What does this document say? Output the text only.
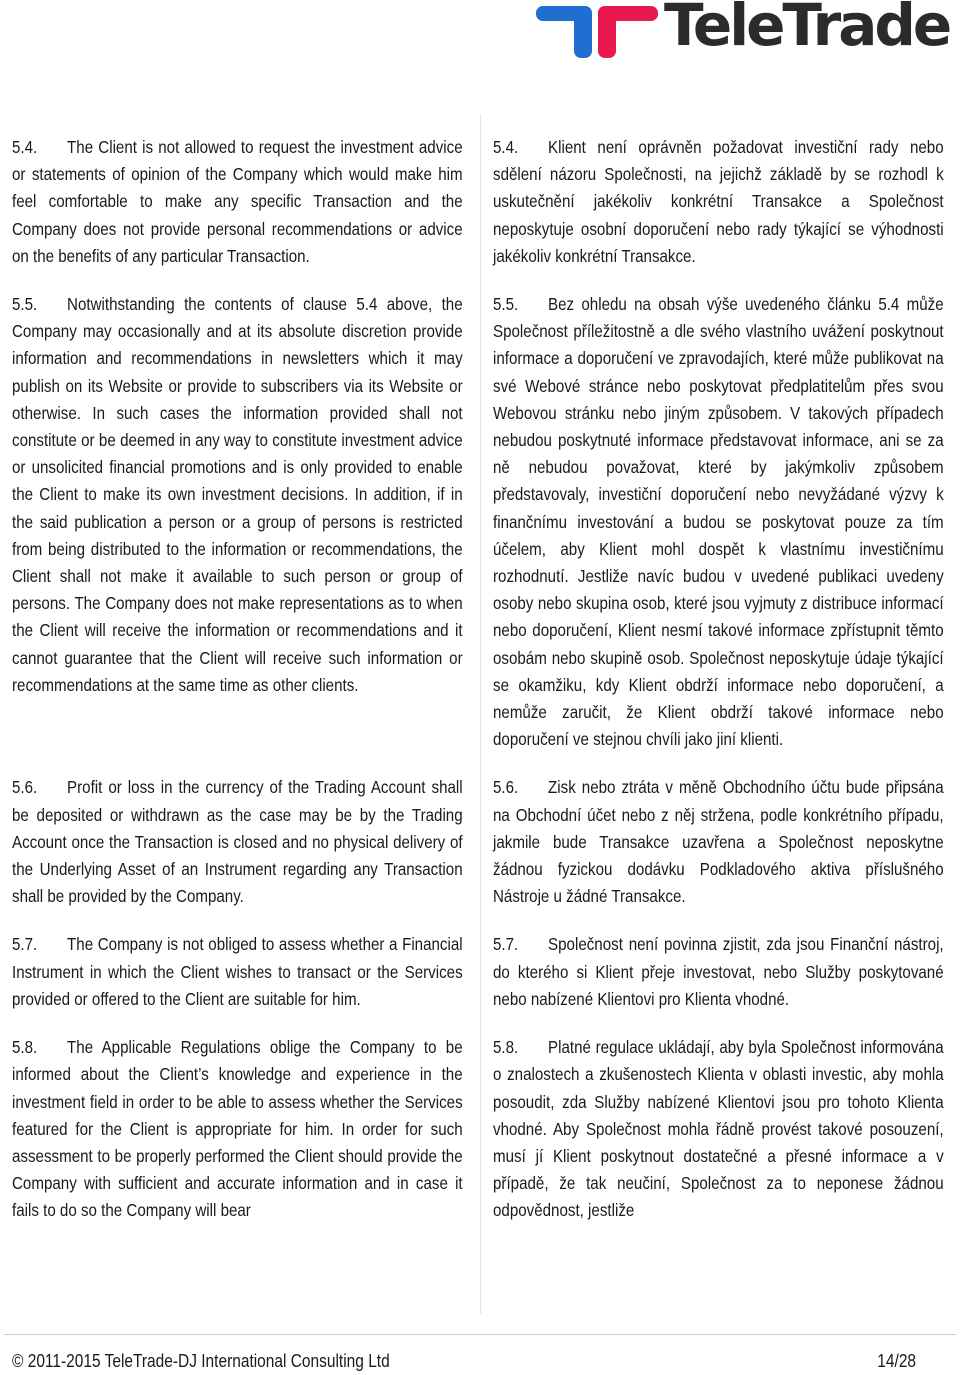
TeleTrade
5.4. The Client is not allowed to request the investment advice or statements of opinion of the Company which would make him feel comfortable to make any specific Transaction and the Company does not provide personal recommendations or advice on the benefits of any particular Transaction.
5.4. Klient není oprávněn požadovat investiční rady nebo sdělení názoru Společnosti, na jejichž základě by se rozhodl k uskutečnění jakékoliv konkrétní Transakce a Společnost neposkytuje osobní doporučení nebo rady týkající se výhodnosti jakékoliv konkrétní Transakce.
5.5. Notwithstanding the contents of clause 5.4 above, the Company may occasionally and at its absolute discretion provide information and recommendations in newsletters which it may publish on its Website or provide to subscribers via its Website or otherwise. In such cases the information provided shall not constitute or be deemed in any way to constitute investment advice or unsolicited financial promotions and is only provided to enable the Client to make its own investment decisions. In addition, if in the said publication a person or a group of persons is restricted from being distributed to the information or recommendations, the Client shall not make it available to such person or group of persons. The Company does not make representations as to when the Client will receive the information or recommendations and it cannot guarantee that the Client will receive such information or recommendations at the same time as other clients.
5.5. Bez ohledu na obsah výše uvedeného článku 5.4 může Společnost příležitostně a dle svého vlastního uvážení poskytnout informace a doporučení ve zpravodajích, které může publikovat na své Webové stránce nebo poskytovat předplatitelům přes svou Webovou stránku nebo jiným způsobem. V takových případech nebudou poskytnuté informace představovat informace, ani se za ně nebudou považovat, které by jakýmkoliv způsobem představovaly, investiční doporučení nebo nevyžádané výzvy k finančnímu investování a budou se poskytovat pouze za tím účelem, aby Klient mohl dospět k vlastnímu investičnímu rozhodnutí. Jestliže navíc budou v uvedené publikaci uvedeny osoby nebo skupina osob, které jsou vyjmuty z distribuce informací nebo doporučení, Klient nesmí takové informace zpřístupnit těmto osobám nebo skupině osob. Společnost neposkytuje údaje týkající se okamžiku, kdy Klient obdrží informace nebo doporučení, a nemůže zaručit, že Klient obdrží takové informace nebo doporučení ve stejnou chvíli jako jiní klienti.
5.6. Profit or loss in the currency of the Trading Account shall be deposited or withdrawn as the case may be by the Trading Account once the Transaction is closed and no physical delivery of the Underlying Asset of an Instrument regarding any Transaction shall be provided by the Company.
5.6. Zisk nebo ztráta v měně Obchodního účtu bude připsána na Obchodní účet nebo z něj stržena, podle konkrétního případu, jakmile bude Transakce uzavřena a Společnost neposkytne žádnou fyzickou dodávku Podkladového aktiva příslušného Nástroje u žádné Transakce.
5.7. The Company is not obliged to assess whether a Financial Instrument in which the Client wishes to transact or the Services provided or offered to the Client are suitable for him.
5.7. Společnost není povinna zjistit, zda jsou Finanční nástroj, do kterého si Klient přeje investovat, nebo Služby poskytované nebo nabízené Klientovi pro Klienta vhodné.
5.8. The Applicable Regulations oblige the Company to be informed about the Client’s knowledge and experience in the investment field in order to be able to assess whether the Services featured for the Client is appropriate for him. In order for such assessment to be properly performed the Client should provide the Company with sufficient and accurate information and in case it fails to do so the Company will bear
5.8. Platné regulace ukládají, aby byla Společnost informována o znalostech a zkušenostech Klienta v oblasti investic, aby mohla posoudit, zda Služby nabízené Klientovi jsou pro tohoto Klienta vhodné. Aby Společnost mohla řádně provést takové posouzení, musí jí Klient poskytnout dostatečné a přesné informace a v případě, že tak neučiní, Společnost za to neponese žádnou odpovědnost, jestliže
© 2011-2015 TeleTrade-DJ International Consulting Ltd	14/28
